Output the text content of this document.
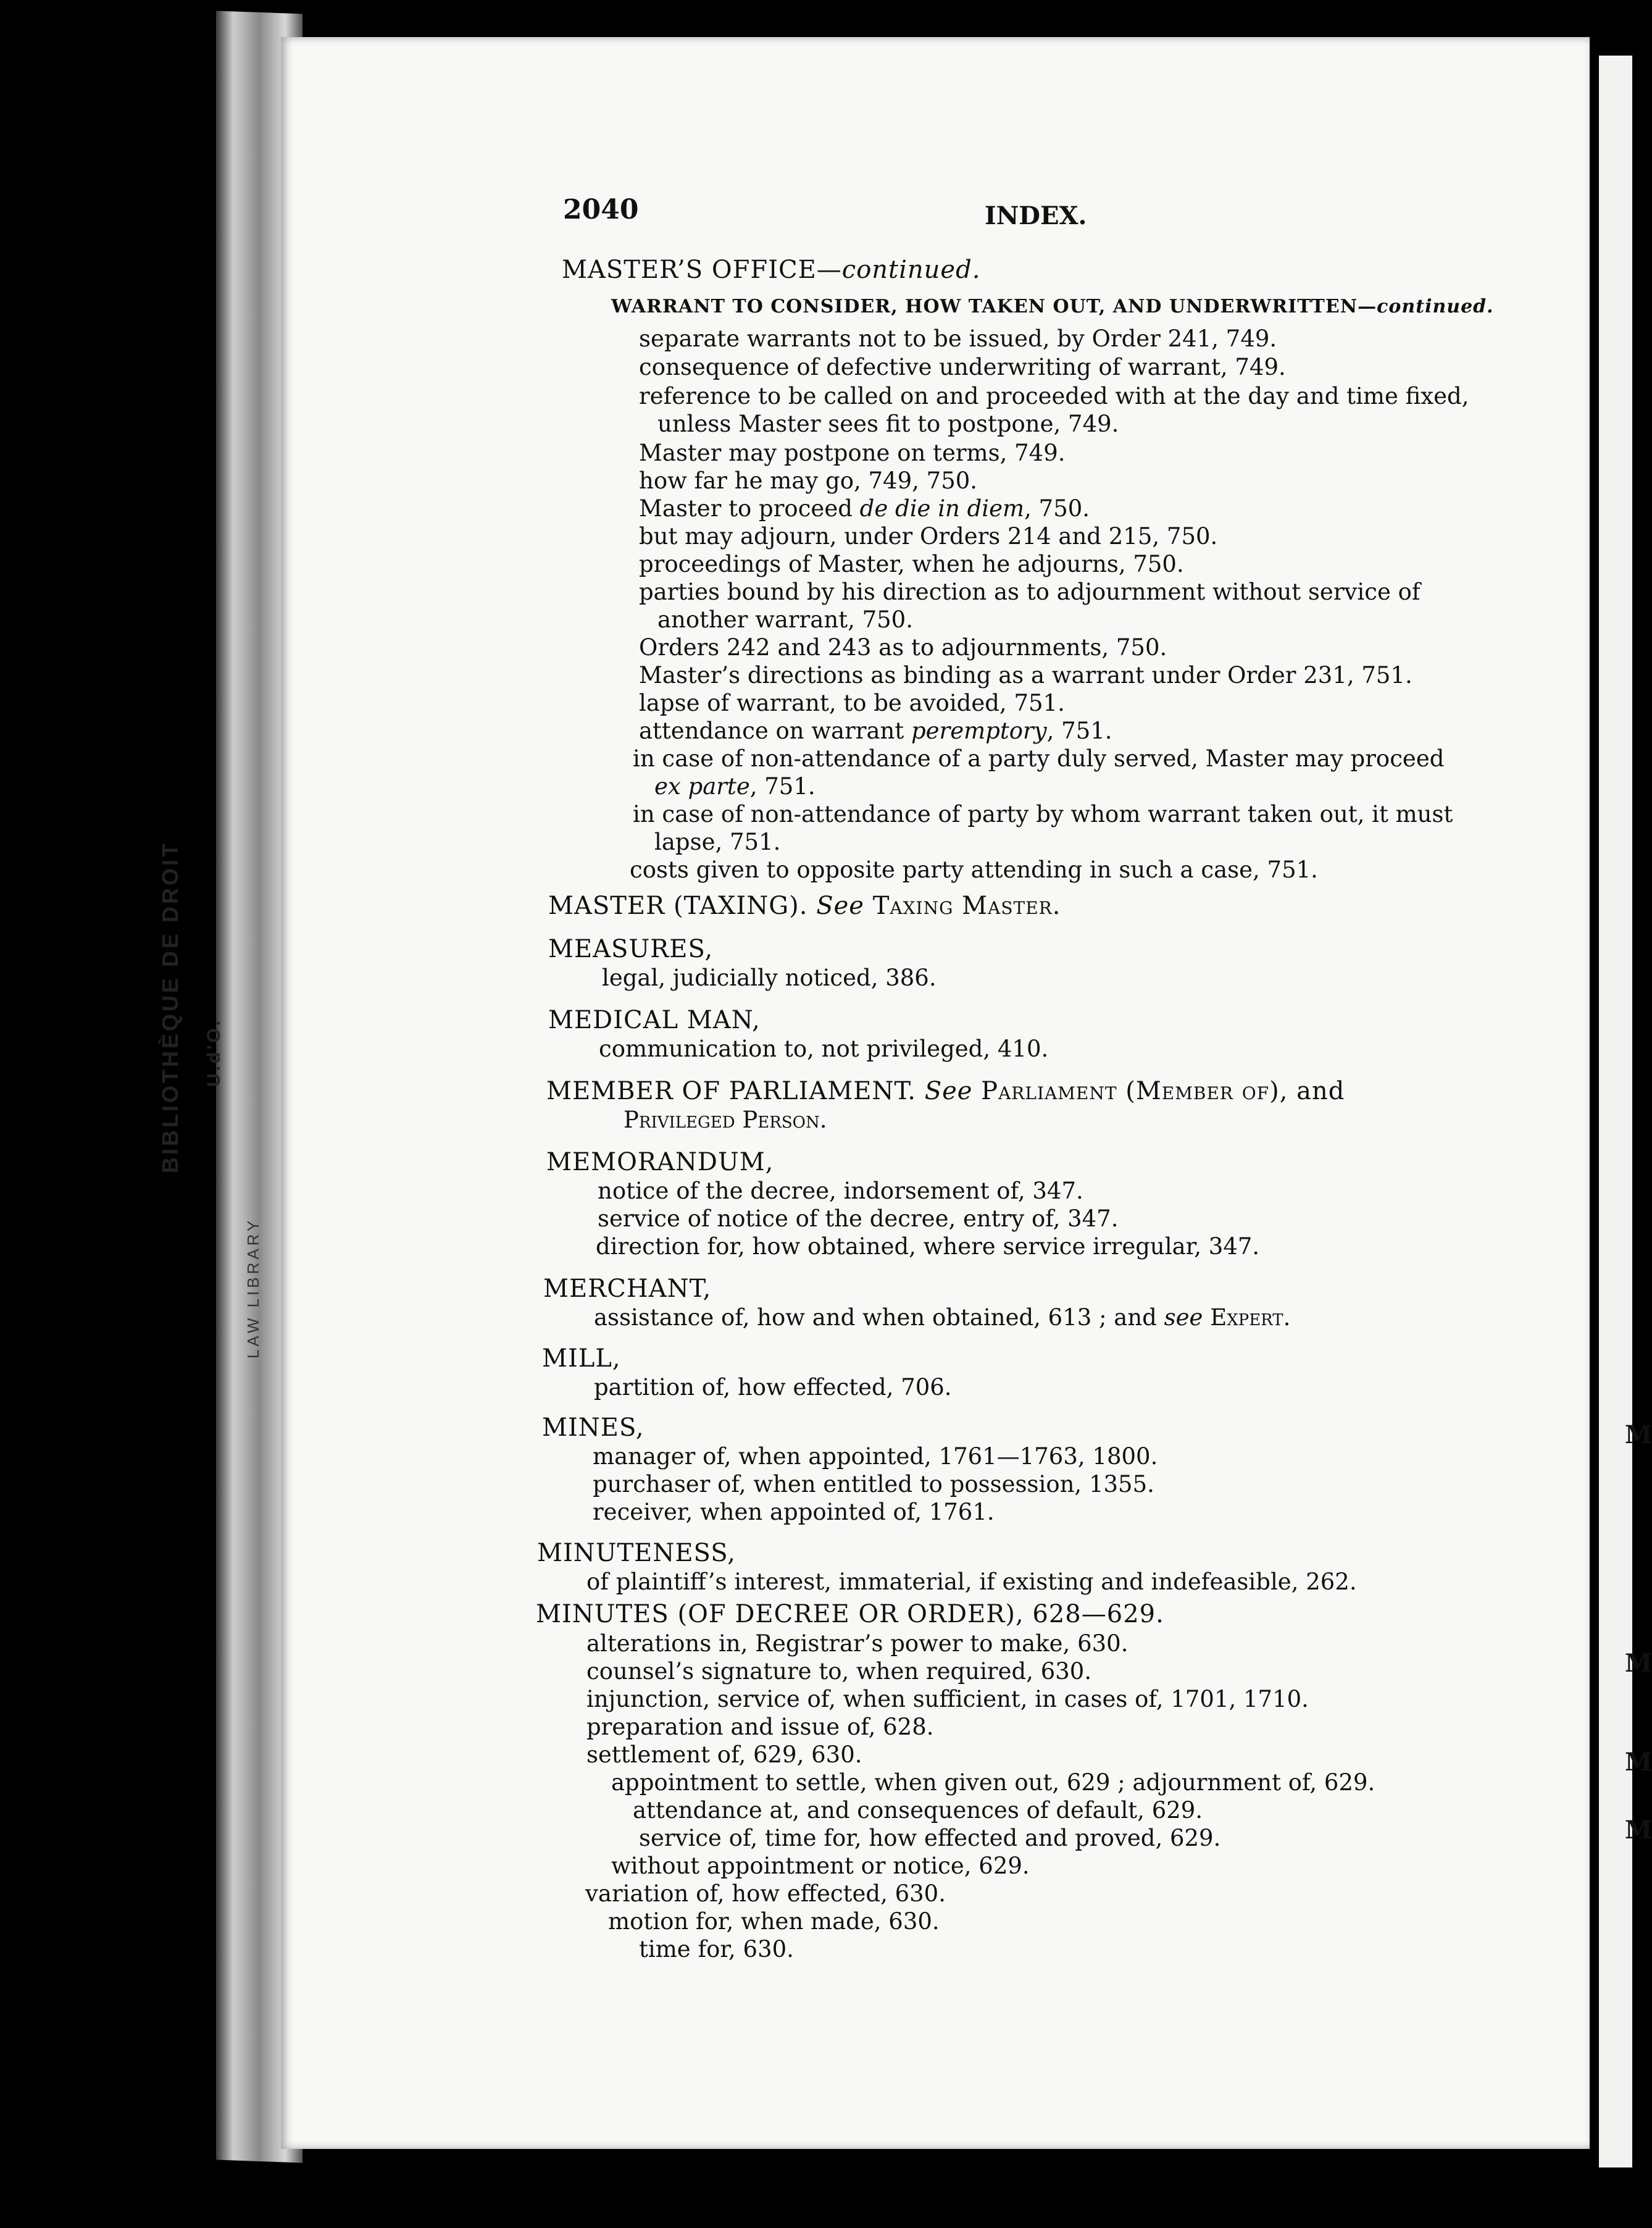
BIBLIOTHÈQUE DE DROIT	U.d'O.
LAW LIBRARY
M
M
M
M
2040	INDEX.
MASTER’S OFFICE—continued.
WARRANT TO CONSIDER, HOW TAKEN OUT, AND UNDERWRITTEN—continued.
separate warrants not to be issued, by Order 241, 749.
consequence of defective underwriting of warrant, 749.
reference to be called on and proceeded with at the day and time fixed,
unless Master sees fit to postpone, 749.
Master may postpone on terms, 749.
how far he may go, 749, 750.
Master to proceed de die in diem, 750.
but may adjourn, under Orders 214 and 215, 750.
proceedings of Master, when he adjourns, 750.
parties bound by his direction as to adjournment without service of
another warrant, 750.
Orders 242 and 243 as to adjournments, 750.
Master’s directions as binding as a warrant under Order 231, 751.
lapse of warrant, to be avoided, 751.
attendance on warrant peremptory, 751.
in case of non-attendance of a party duly served, Master may proceed
ex parte, 751.
in case of non-attendance of party by whom warrant taken out, it must
lapse, 751.
costs given to opposite party attending in such a case, 751.
MASTER (TAXING). See Taxing Master.
MEASURES,
legal, judicially noticed, 386.
MEDICAL MAN,
communication to, not privileged, 410.
MEMBER OF PARLIAMENT. See Parliament (Member of), and
Privileged Person.
MEMORANDUM,
notice of the decree, indorsement of, 347.
service of notice of the decree, entry of, 347.
direction for, how obtained, where service irregular, 347.
MERCHANT,
assistance of, how and when obtained, 613 ; and see Expert.
MILL,
partition of, how effected, 706.
MINES,
manager of, when appointed, 1761—1763, 1800.
purchaser of, when entitled to possession, 1355.
receiver, when appointed of, 1761.
MINUTENESS,
of plaintiff’s interest, immaterial, if existing and indefeasible, 262.
MINUTES (OF DECREE OR ORDER), 628—629.
alterations in, Registrar’s power to make, 630.
counsel’s signature to, when required, 630.
injunction, service of, when sufficient, in cases of, 1701, 1710.
preparation and issue of, 628.
settlement of, 629, 630.
appointment to settle, when given out, 629 ; adjournment of, 629.
attendance at, and consequences of default, 629.
service of, time for, how effected and proved, 629.
without appointment or notice, 629.
variation of, how effected, 630.
motion for, when made, 630.
time for, 630.
